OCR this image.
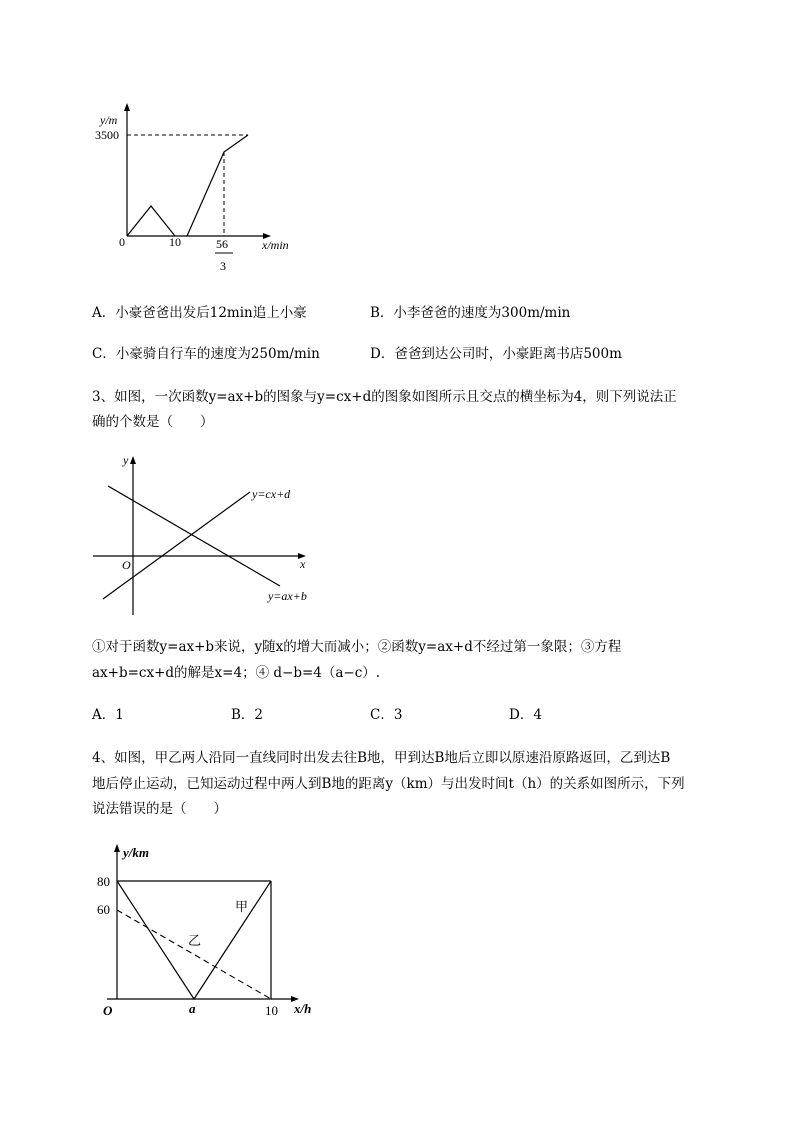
y/m
3500
0	10	56
3
x/min
A．小豪爸爸出发后12min追上小豪	B．小李爸爸的速度为300m/min
C．小豪骑自行车的速度为250m/min	D．爸爸到达公司时，小豪距离书店500m
3、如图，一次函数y=ax+b的图象与y=cx+d的图象如图所示且交点的横坐标为4，则下列说法正
确的个数是（　　）
y
x
O
y=cx+d
y=ax+b
①对于函数y=ax+b来说，y随x的增大而减小；②函数y=ax+d不经过第一象限；③方程
ax+b=cx+d的解是x=4；④ d−b=4（a−c）.
A．1	B．2	C．3	D．4
4、如图，甲乙两人沿同一直线同时出发去往B地，甲到达B地后立即以原速沿原路返回，乙到达B
地后停止运动，已知运动过程中两人到B地的距离y（km）与出发时间t（h）的关系如图所示，下列
说法错误的是（　　）
y/km
80
60
O	a	10 x/h
甲
乙
